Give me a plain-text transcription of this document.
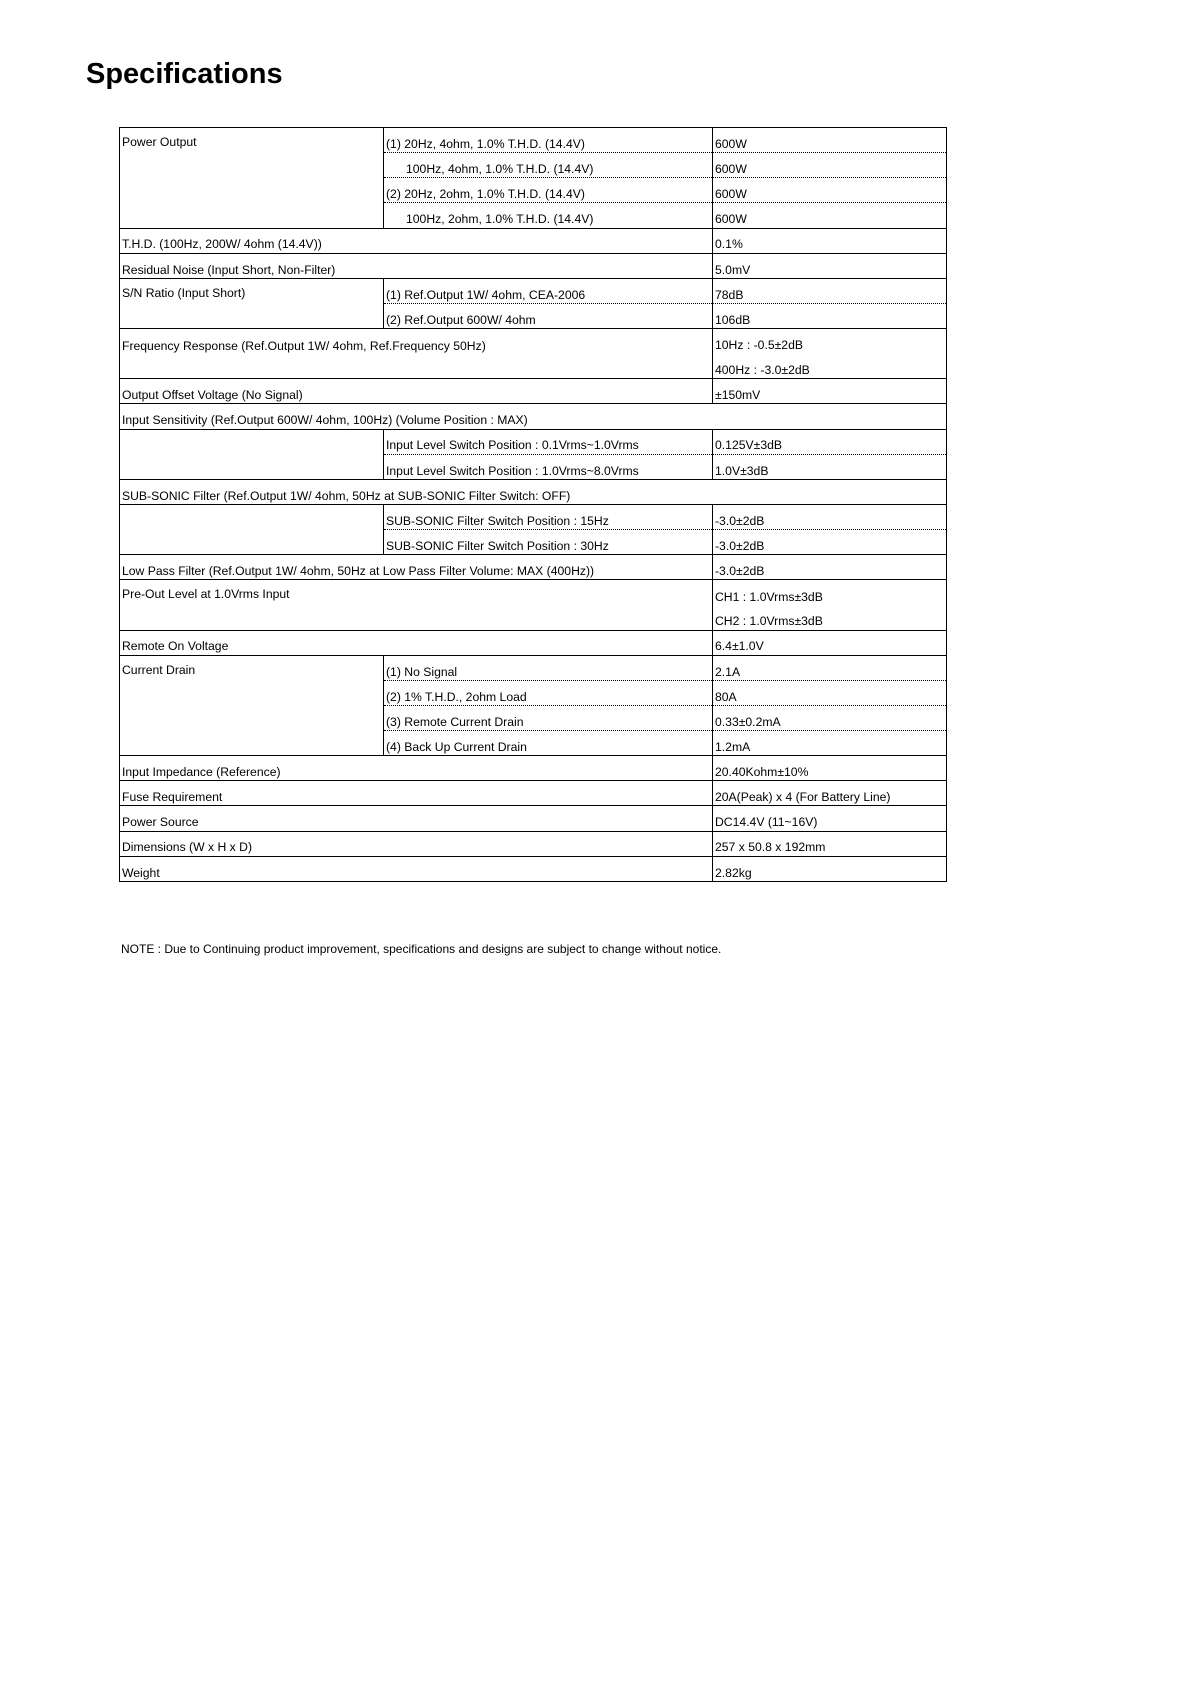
Specifications
Power Output	(1) 20Hz, 4ohm, 1.0% T.H.D. (14.4V)	600W
	100Hz, 4ohm, 1.0% T.H.D. (14.4V)	600W
	(2) 20Hz, 2ohm, 1.0% T.H.D. (14.4V)	600W
	100Hz, 2ohm, 1.0% T.H.D. (14.4V)	600W
T.H.D. (100Hz, 200W/ 4ohm (14.4V))		0.1%
Residual Noise (Input Short, Non-Filter)		5.0mV
S/N Ratio (Input Short)	(1) Ref.Output 1W/ 4ohm, CEA-2006	78dB
	(2) Ref.Output 600W/ 4ohm	106dB
Frequency Response (Ref.Output 1W/ 4ohm, Ref.Frequency 50Hz)		10Hz : -0.5±2dB
		400Hz : -3.0±2dB
Output Offset Voltage (No Signal)		±150mV
Input Sensitivity (Ref.Output 600W/ 4ohm, 100Hz) (Volume Position : MAX)		
	Input Level Switch Position : 0.1Vrms~1.0Vrms	0.125V±3dB
	Input Level Switch Position : 1.0Vrms~8.0Vrms	1.0V±3dB
SUB-SONIC Filter (Ref.Output 1W/ 4ohm, 50Hz at SUB-SONIC Filter Switch: OFF)		
	SUB-SONIC Filter Switch Position : 15Hz	-3.0±2dB
	SUB-SONIC Filter Switch Position : 30Hz	-3.0±2dB
Low Pass Filter (Ref.Output 1W/ 4ohm, 50Hz at Low Pass Filter Volume: MAX (400Hz))		-3.0±2dB
Pre-Out Level at 1.0Vrms Input		CH1 : 1.0Vrms±3dB
		CH2 : 1.0Vrms±3dB
Remote On Voltage		6.4±1.0V
Current Drain	(1) No Signal	2.1A
	(2) 1% T.H.D., 2ohm Load	80A
	(3) Remote Current Drain	0.33±0.2mA
	(4) Back Up Current Drain	1.2mA
Input Impedance (Reference)		20.40Kohm±10%
Fuse Requirement		20A(Peak) x 4 (For Battery Line)
Power Source		DC14.4V (11~16V)
Dimensions (W x H x D)		257 x 50.8 x 192mm
Weight		2.82kg

NOTE : Due to Continuing product improvement, specifications and designs are subject to change without notice.
